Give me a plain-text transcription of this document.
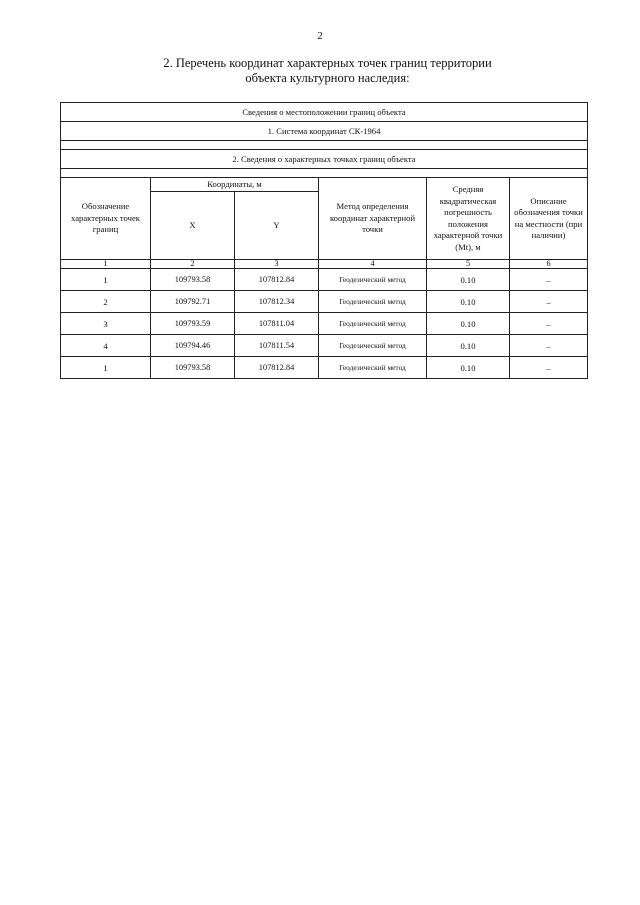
2
2. Перечень координат характерных точек границ территории
объекта культурного наследия:
Сведения о местоположении границ объекта					
1. Система координат СК-1964					

2. Сведения о характерных точках границ объекта					

Обозначение характерных точек границ	Координаты, м		Метод определения координат характерной точки	Средняя квадратическая погрешность положения характерной точки (Mt), м	Описание обозначения точки на местности (при наличии)
	X	Y			
1	2	3	4	5	6
1	109793.58	107812.84	Геодезический метод	0.10	–
2	109792.71	107812.34	Геодезический метод	0.10	–
3	109793.59	107811.04	Геодезический метод	0.10	–
4	109794.46	107811.54	Геодезический метод	0.10	–
1	109793.58	107812.84	Геодезический метод	0.10	–
